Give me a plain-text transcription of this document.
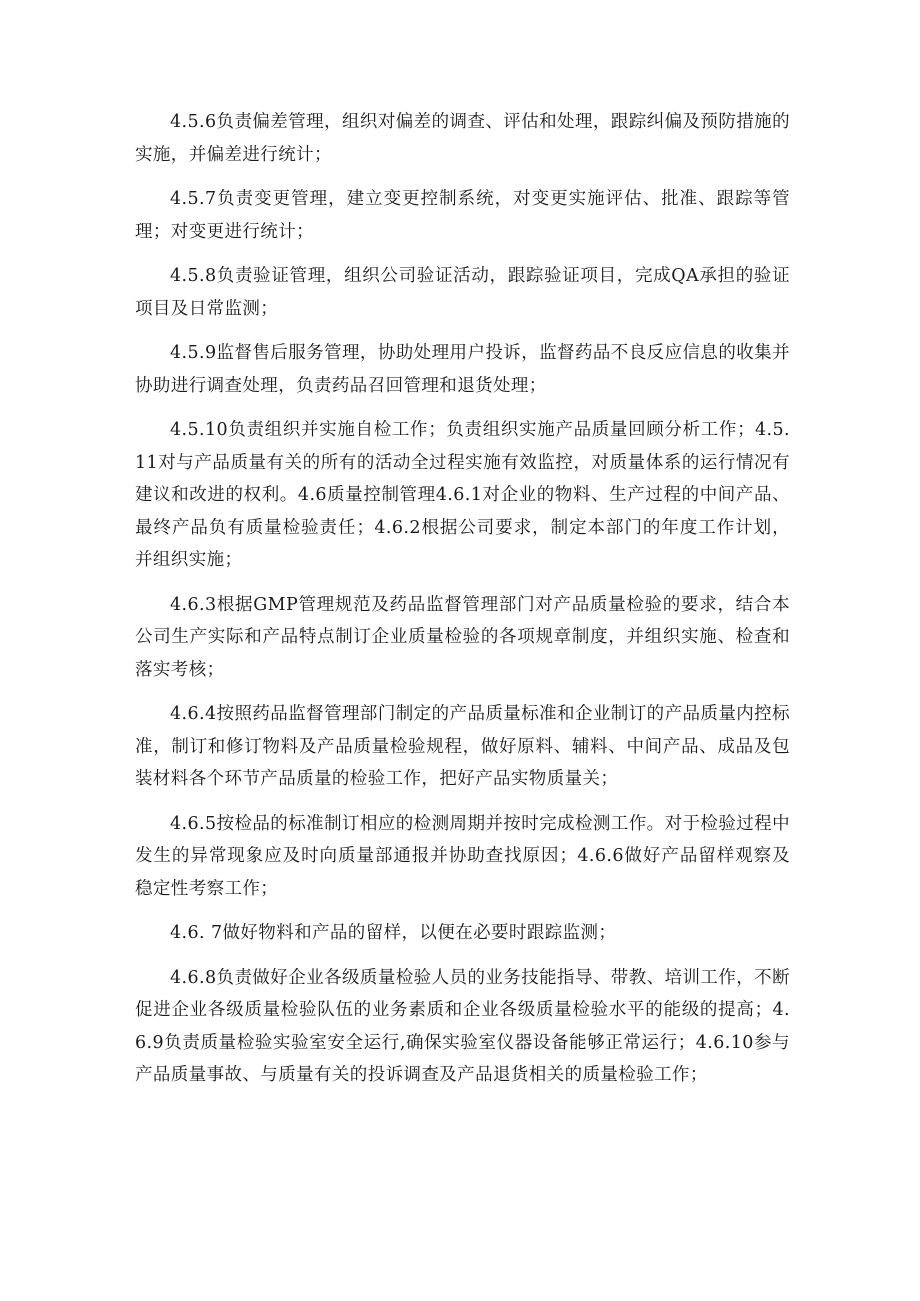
4.5.6负责偏差管理，组织对偏差的调查、评估和处理，跟踪纠偏及预防措施的实施，并偏差进行统计；

4.5.7负责变更管理，建立变更控制系统，对变更实施评估、批准、跟踪等管理；对变更进行统计；

4.5.8负责验证管理，组织公司验证活动，跟踪验证项目，完成QA承担的验证项目及日常监测；

4.5.9监督售后服务管理，协助处理用户投诉，监督药品不良反应信息的收集并协助进行调查处理，负责药品召回管理和退货处理；

4.5.10负责组织并实施自检工作；负责组织实施产品质量回顾分析工作；4.5.11对与产品质量有关的所有的活动全过程实施有效监控，对质量体系的运行情况有建议和改进的权利。4.6质量控制管理4.6.1对企业的物料、生产过程的中间产品、最终产品负有质量检验责任；4.6.2根据公司要求，制定本部门的年度工作计划，并组织实施；

4.6.3根据GMP管理规范及药品监督管理部门对产品质量检验的要求，结合本公司生产实际和产品特点制订企业质量检验的各项规章制度，并组织实施、检查和落实考核；

4.6.4按照药品监督管理部门制定的产品质量标准和企业制订的产品质量内控标准，制订和修订物料及产品质量检验规程，做好原料、辅料、中间产品、成品及包装材料各个环节产品质量的检验工作，把好产品实物质量关；

4.6.5按检品的标准制订相应的检测周期并按时完成检测工作。对于检验过程中发生的异常现象应及时向质量部通报并协助查找原因；4.6.6做好产品留样观察及稳定性考察工作；

4.6. 7做好物料和产品的留样，以便在必要时跟踪监测；

4.6.8负责做好企业各级质量检验人员的业务技能指导、带教、培训工作，不断促进企业各级质量检验队伍的业务素质和企业各级质量检验水平的能级的提高；4.6.9负责质量检验实验室安全运行,确保实验室仪器设备能够正常运行；4.6.10参与产品质量事故、与质量有关的投诉调查及产品退货相关的质量检验工作；
